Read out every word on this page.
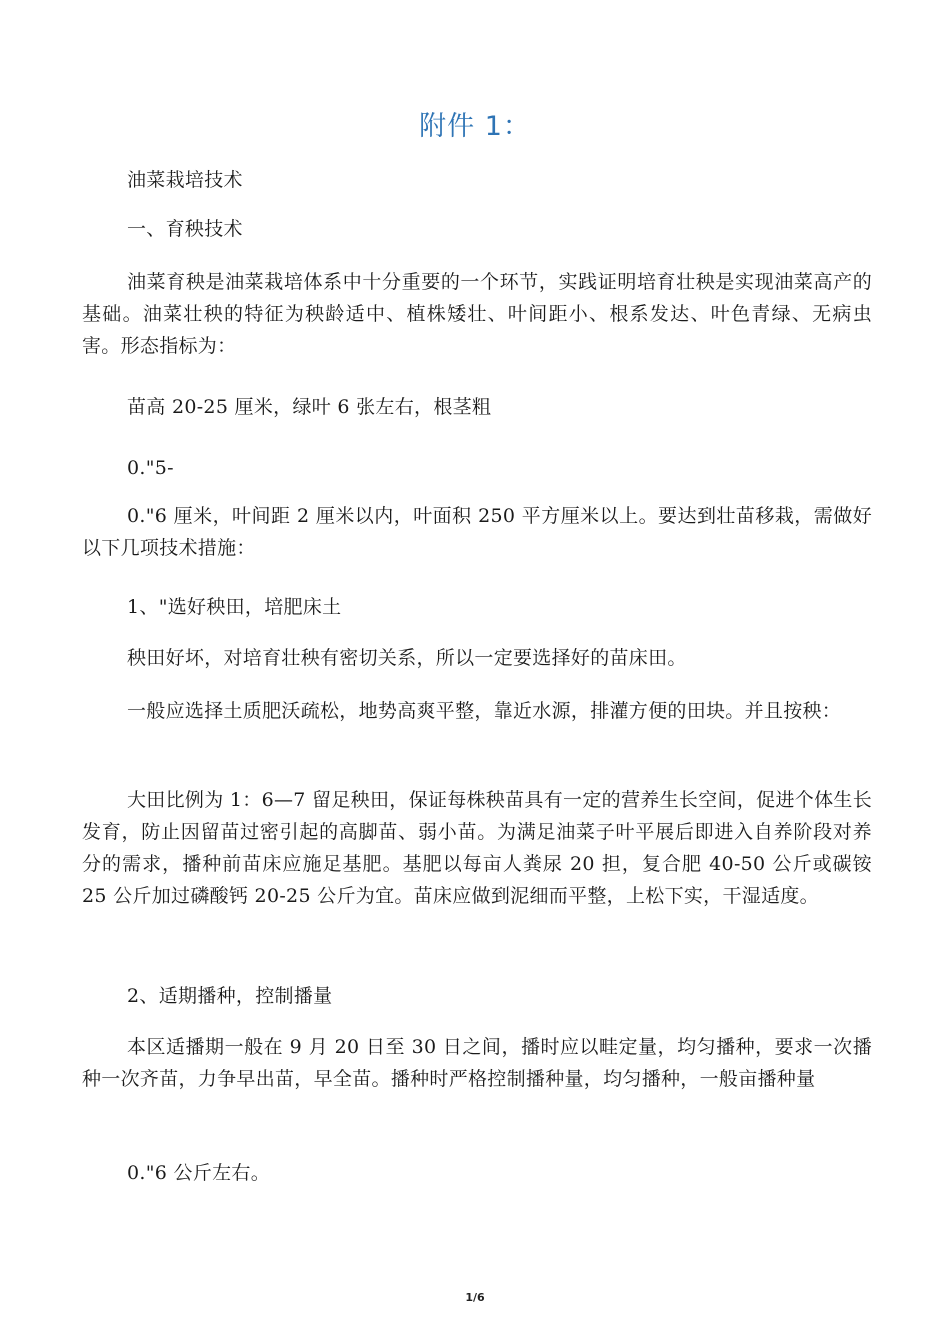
附件 1：

油菜栽培技术

一、育秧技术

油菜育秧是油菜栽培体系中十分重要的一个环节，实践证明培育壮秧是实现油菜高产的基础。油菜壮秧的特征为秧龄适中、植株矮壮、叶间距小、根系发达、叶色青绿、无病虫害。形态指标为：

苗高 20-25 厘米，绿叶 6 张左右，根茎粗

0."5-

0."6 厘米，叶间距 2 厘米以内，叶面积 250 平方厘米以上。要达到壮苗移栽，需做好以下几项技术措施：

1、"选好秧田，培肥床土

秧田好坏，对培育壮秧有密切关系，所以一定要选择好的苗床田。

一般应选择土质肥沃疏松，地势高爽平整，靠近水源，排灌方便的田块。并且按秧：

大田比例为 1：6—7 留足秧田，保证每株秧苗具有一定的营养生长空间，促进个体生长发育，防止因留苗过密引起的高脚苗、弱小苗。为满足油菜子叶平展后即进入自养阶段对养分的需求，播种前苗床应施足基肥。基肥以每亩人粪尿 20 担，复合肥 40-50 公斤或碳铵 25 公斤加过磷酸钙 20-25 公斤为宜。苗床应做到泥细而平整，上松下实，干湿适度。

2、适期播种，控制播量

本区适播期一般在 9 月 20 日至 30 日之间，播时应以畦定量，均匀播种，要求一次播种一次齐苗，力争早出苗，早全苗。播种时严格控制播种量，均匀播种，一般亩播种量

0."6 公斤左右。

1/6
